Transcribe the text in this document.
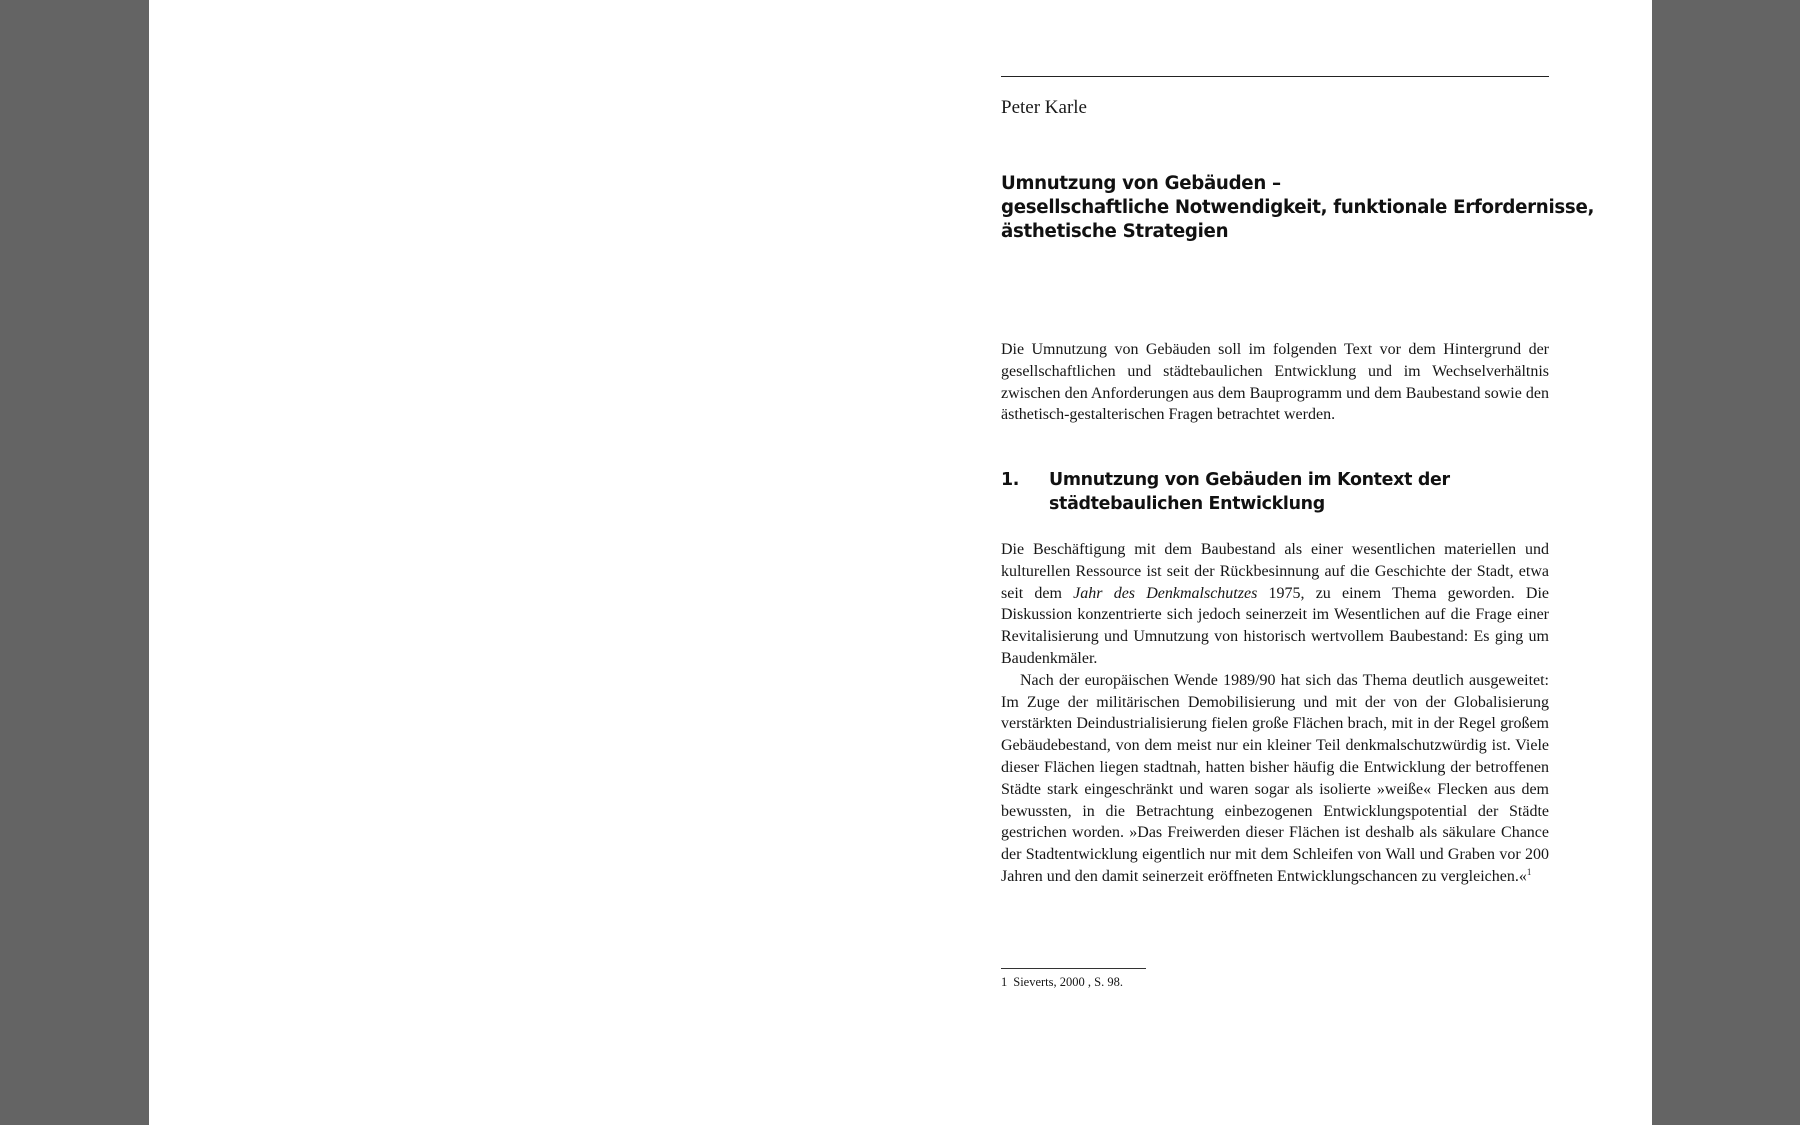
Peter Karle

Umnutzung von Gebäuden –
gesellschaftliche Notwendigkeit, funktionale Erfordernisse,
ästhetische Strategien

Die Umnutzung von Gebäuden soll im folgenden Text vor dem Hintergrund der gesellschaftlichen und städtebaulichen Entwicklung und im Wechselverhältnis zwischen den Anforderungen aus dem Bauprogramm und dem Baubestand sowie den ästhetisch-gestalterischen Fragen betrachtet werden.

1. Umnutzung von Gebäuden im Kontext der städtebaulichen Entwicklung

Die Beschäftigung mit dem Baubestand als einer wesentlichen materiellen und kulturellen Ressource ist seit der Rückbesinnung auf die Geschichte der Stadt, etwa seit dem Jahr des Denkmalschutzes 1975, zu einem Thema geworden. Die Diskussion konzentrierte sich jedoch seinerzeit im Wesentlichen auf die Frage einer Revitalisierung und Umnutzung von historisch wertvollem Baubestand: Es ging um Baudenkmäler.

Nach der europäischen Wende 1989/90 hat sich das Thema deutlich ausgeweitet: Im Zuge der militärischen Demobilisierung und mit der von der Globalisierung verstärkten Deindustrialisierung fielen große Flächen brach, mit in der Regel großem Gebäudebestand, von dem meist nur ein kleiner Teil denkmalschutzwürdig ist. Viele dieser Flächen liegen stadtnah, hatten bisher häufig die Entwicklung der betroffenen Städte stark eingeschränkt und waren sogar als isolierte »weiße« Flecken aus dem bewussten, in die Betrachtung einbezogenen Entwicklungspotential der Städte gestrichen worden. »Das Freiwerden dieser Flächen ist deshalb als säkulare Chance der Stadtentwicklung eigentlich nur mit dem Schleifen von Wall und Graben vor 200 Jahren und den damit seinerzeit eröffneten Entwicklungschancen zu vergleichen.«$^1$

1 Sieverts, 2000 , S. 98.
